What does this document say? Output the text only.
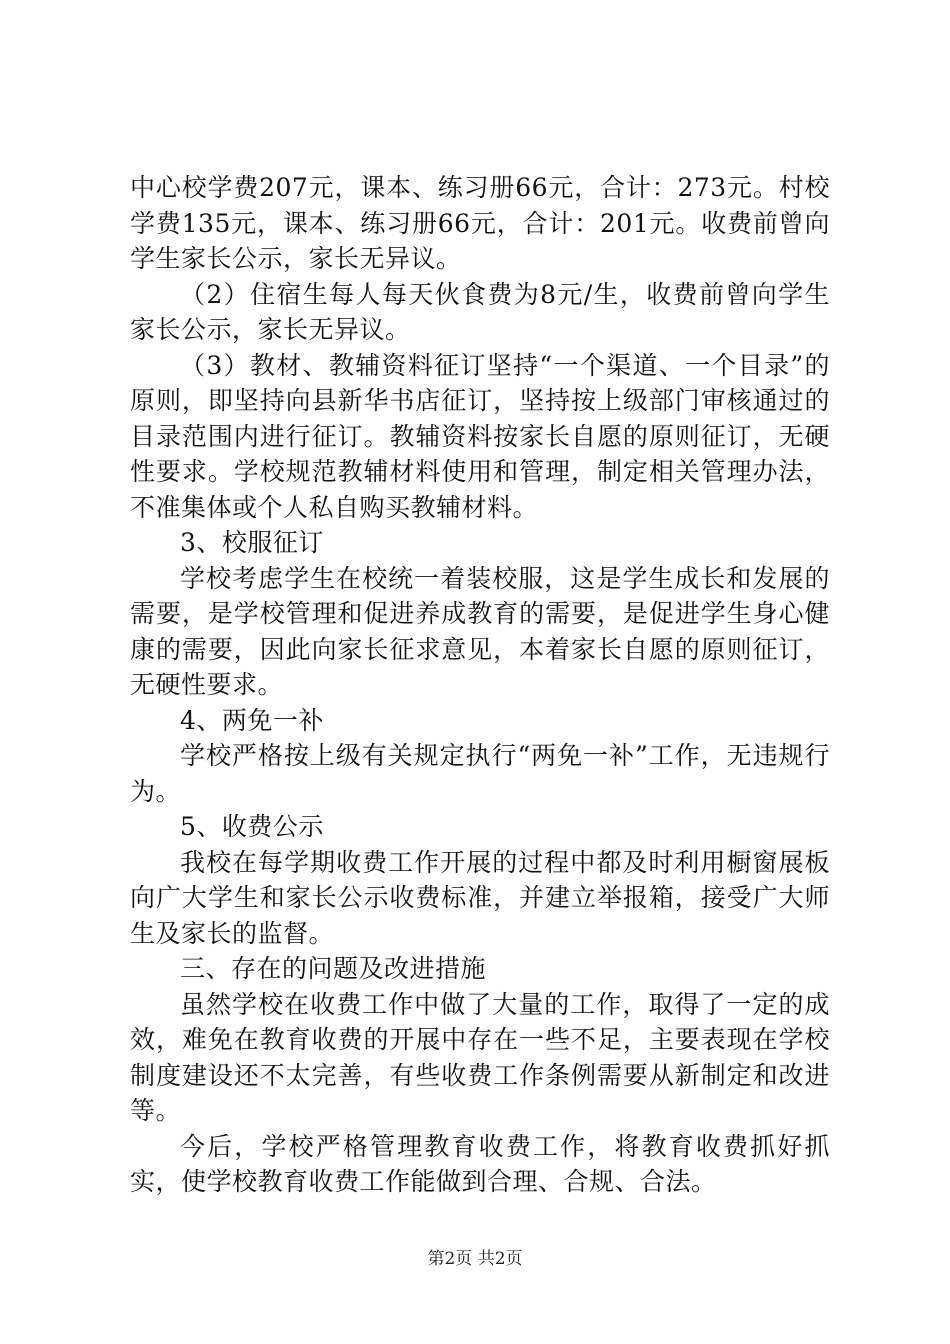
中心校学费207元，课本、练习册66元，合计：273元。村校学费135元，课本、练习册66元，合计：201元。收费前曾向学生家长公示，家长无异议。

（2）住宿生每人每天伙食费为8元/生，收费前曾向学生家长公示，家长无异议。

（3）教材、教辅资料征订坚持“一个渠道、一个目录”的原则，即坚持向县新华书店征订，坚持按上级部门审核通过的目录范围内进行征订。教辅资料按家长自愿的原则征订，无硬性要求。学校规范教辅材料使用和管理，制定相关管理办法，不准集体或个人私自购买教辅材料。

3、校服征订

学校考虑学生在校统一着装校服，这是学生成长和发展的需要，是学校管理和促进养成教育的需要，是促进学生身心健康的需要，因此向家长征求意见，本着家长自愿的原则征订，无硬性要求。

4、两免一补

学校严格按上级有关规定执行“两免一补”工作，无违规行为。

5、收费公示

我校在每学期收费工作开展的过程中都及时利用橱窗展板向广大学生和家长公示收费标准，并建立举报箱，接受广大师生及家长的监督。

三、存在的问题及改进措施

虽然学校在收费工作中做了大量的工作，取得了一定的成效，难免在教育收费的开展中存在一些不足，主要表现在学校制度建设还不太完善，有些收费工作条例需要从新制定和改进等。

今后，学校严格管理教育收费工作，将教育收费抓好抓实，使学校教育收费工作能做到合理、合规、合法。

第2页 共2页
